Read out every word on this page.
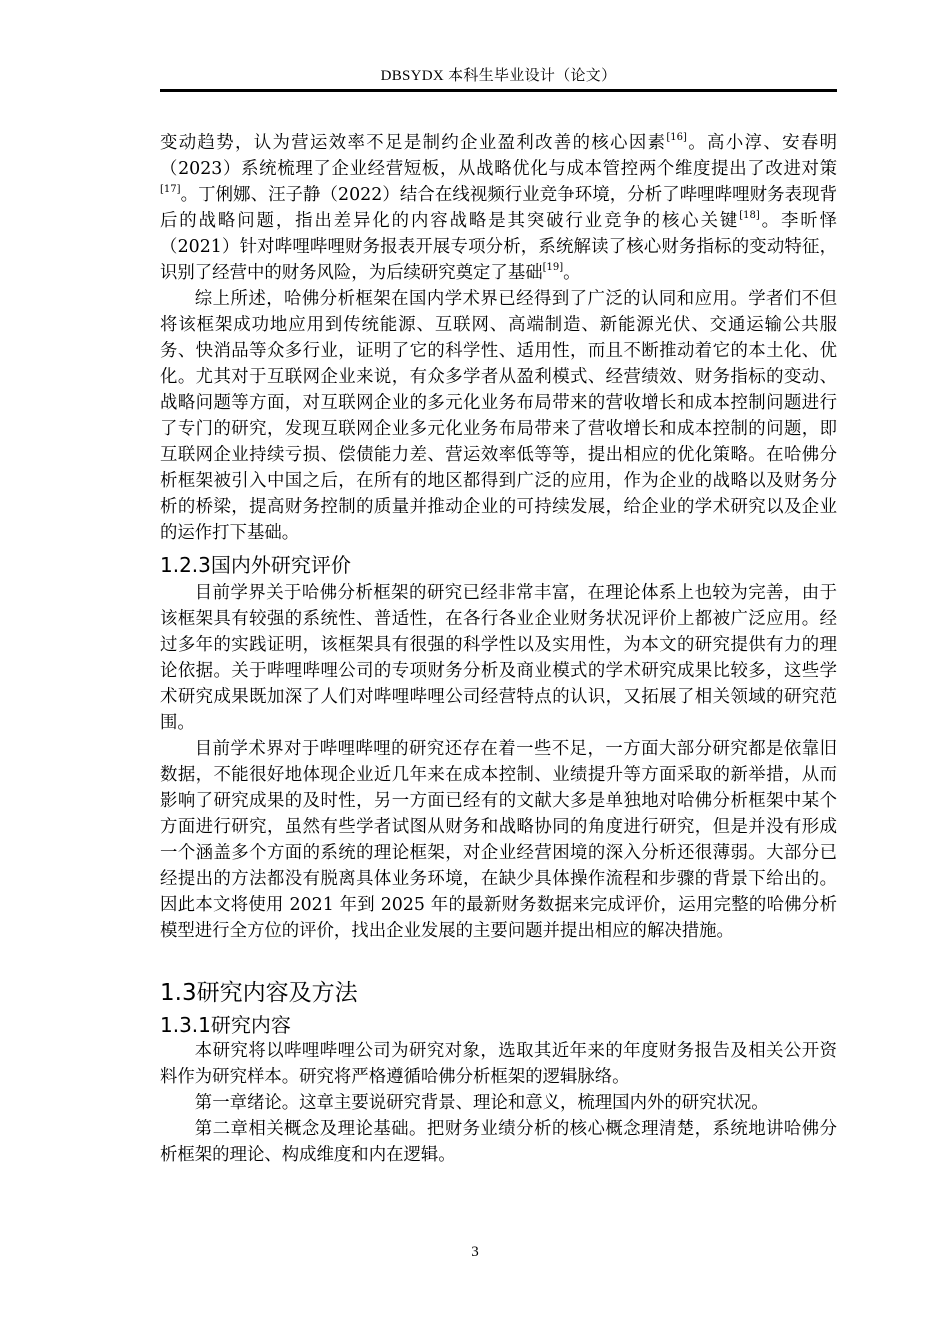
DBSYDX 本科生毕业设计（论文）

变动趋势，认为营运效率不足是制约企业盈利改善的核心因素[16]。高小淳、安春明（2023）系统梳理了企业经营短板，从战略优化与成本管控两个维度提出了改进对策[17]。丁俐娜、汪子静（2022）结合在线视频行业竞争环境，分析了哔哩哔哩财务表现背后的战略问题，指出差异化的内容战略是其突破行业竞争的核心关键[18]。李昕怿（2021）针对哔哩哔哩财务报表开展专项分析，系统解读了核心财务指标的变动特征，识别了经营中的财务风险，为后续研究奠定了基础[19]。

综上所述，哈佛分析框架在国内学术界已经得到了广泛的认同和应用。学者们不但将该框架成功地应用到传统能源、互联网、高端制造、新能源光伏、交通运输公共服务、快消品等众多行业，证明了它的科学性、适用性，而且不断推动着它的本土化、优化。尤其对于互联网企业来说，有众多学者从盈利模式、经营绩效、财务指标的变动、战略问题等方面，对互联网企业的多元化业务布局带来的营收增长和成本控制问题进行了专门的研究，发现互联网企业多元化业务布局带来了营收增长和成本控制的问题，即互联网企业持续亏损、偿债能力差、营运效率低等等，提出相应的优化策略。在哈佛分析框架被引入中国之后，在所有的地区都得到广泛的应用，作为企业的战略以及财务分析的桥梁，提高财务控制的质量并推动企业的可持续发展，给企业的学术研究以及企业的运作打下基础。

1.2.3国内外研究评价

目前学界关于哈佛分析框架的研究已经非常丰富，在理论体系上也较为完善，由于该框架具有较强的系统性、普适性，在各行各业企业财务状况评价上都被广泛应用。经过多年的实践证明，该框架具有很强的科学性以及实用性，为本文的研究提供有力的理论依据。关于哔哩哔哩公司的专项财务分析及商业模式的学术研究成果比较多，这些学术研究成果既加深了人们对哔哩哔哩公司经营特点的认识，又拓展了相关领域的研究范围。

目前学术界对于哔哩哔哩的研究还存在着一些不足，一方面大部分研究都是依靠旧数据，不能很好地体现企业近几年来在成本控制、业绩提升等方面采取的新举措，从而影响了研究成果的及时性，另一方面已经有的文献大多是单独地对哈佛分析框架中某个方面进行研究，虽然有些学者试图从财务和战略协同的角度进行研究，但是并没有形成一个涵盖多个方面的系统的理论框架，对企业经营困境的深入分析还很薄弱。大部分已经提出的方法都没有脱离具体业务环境，在缺少具体操作流程和步骤的背景下给出的。因此本文将使用 2021 年到 2025 年的最新财务数据来完成评价，运用完整的哈佛分析模型进行全方位的评价，找出企业发展的主要问题并提出相应的解决措施。

1.3研究内容及方法
1.3.1研究内容

本研究将以哔哩哔哩公司为研究对象，选取其近年来的年度财务报告及相关公开资料作为研究样本。研究将严格遵循哈佛分析框架的逻辑脉络。

第一章绪论。这章主要说研究背景、理论和意义，梳理国内外的研究状况。

第二章相关概念及理论基础。把财务业绩分析的核心概念理清楚，系统地讲哈佛分析框架的理论、构成维度和内在逻辑。

3
